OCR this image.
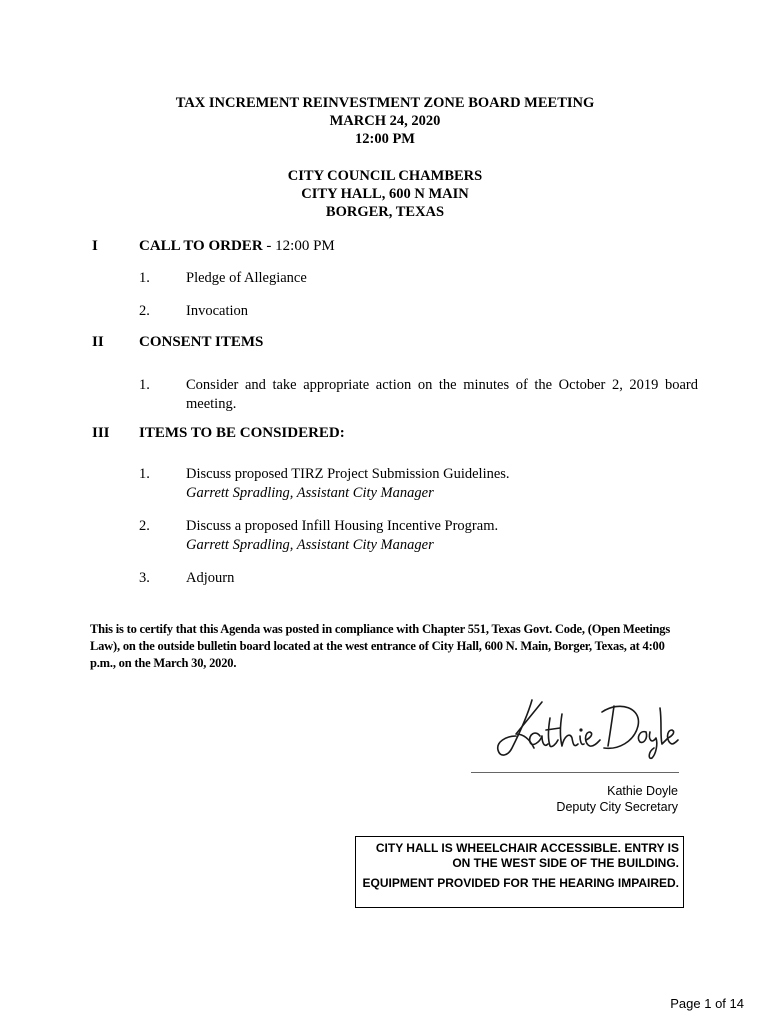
TAX INCREMENT REINVESTMENT ZONE BOARD MEETING
MARCH 24, 2020
12:00 PM
CITY COUNCIL CHAMBERS
CITY HALL, 600 N MAIN
BORGER, TEXAS
I	CALL TO ORDER - 12:00 PM
1. Pledge of Allegiance
2. Invocation
II CONSENT ITEMS
1. Consider and take appropriate action on the minutes of the October 2, 2019 board meeting.
III ITEMS TO BE CONSIDERED:
1. Discuss proposed TIRZ Project Submission Guidelines.
Garrett Spradling, Assistant City Manager
2. Discuss a proposed Infill Housing Incentive Program.
Garrett Spradling, Assistant City Manager
3. Adjourn
This is to certify that this Agenda was posted in compliance with Chapter 551, Texas Govt. Code, (Open Meetings Law), on the outside bulletin board located at the west entrance of City Hall, 600 N. Main, Borger, Texas, at 4:00 p.m., on the March 30, 2020.
Kathie Doyle
Deputy City Secretary

CITY HALL IS WHEELCHAIR ACCESSIBLE. ENTRY IS ON THE WEST SIDE OF THE BUILDING.

EQUIPMENT PROVIDED FOR THE HEARING IMPAIRED.

Page 1 of 14
